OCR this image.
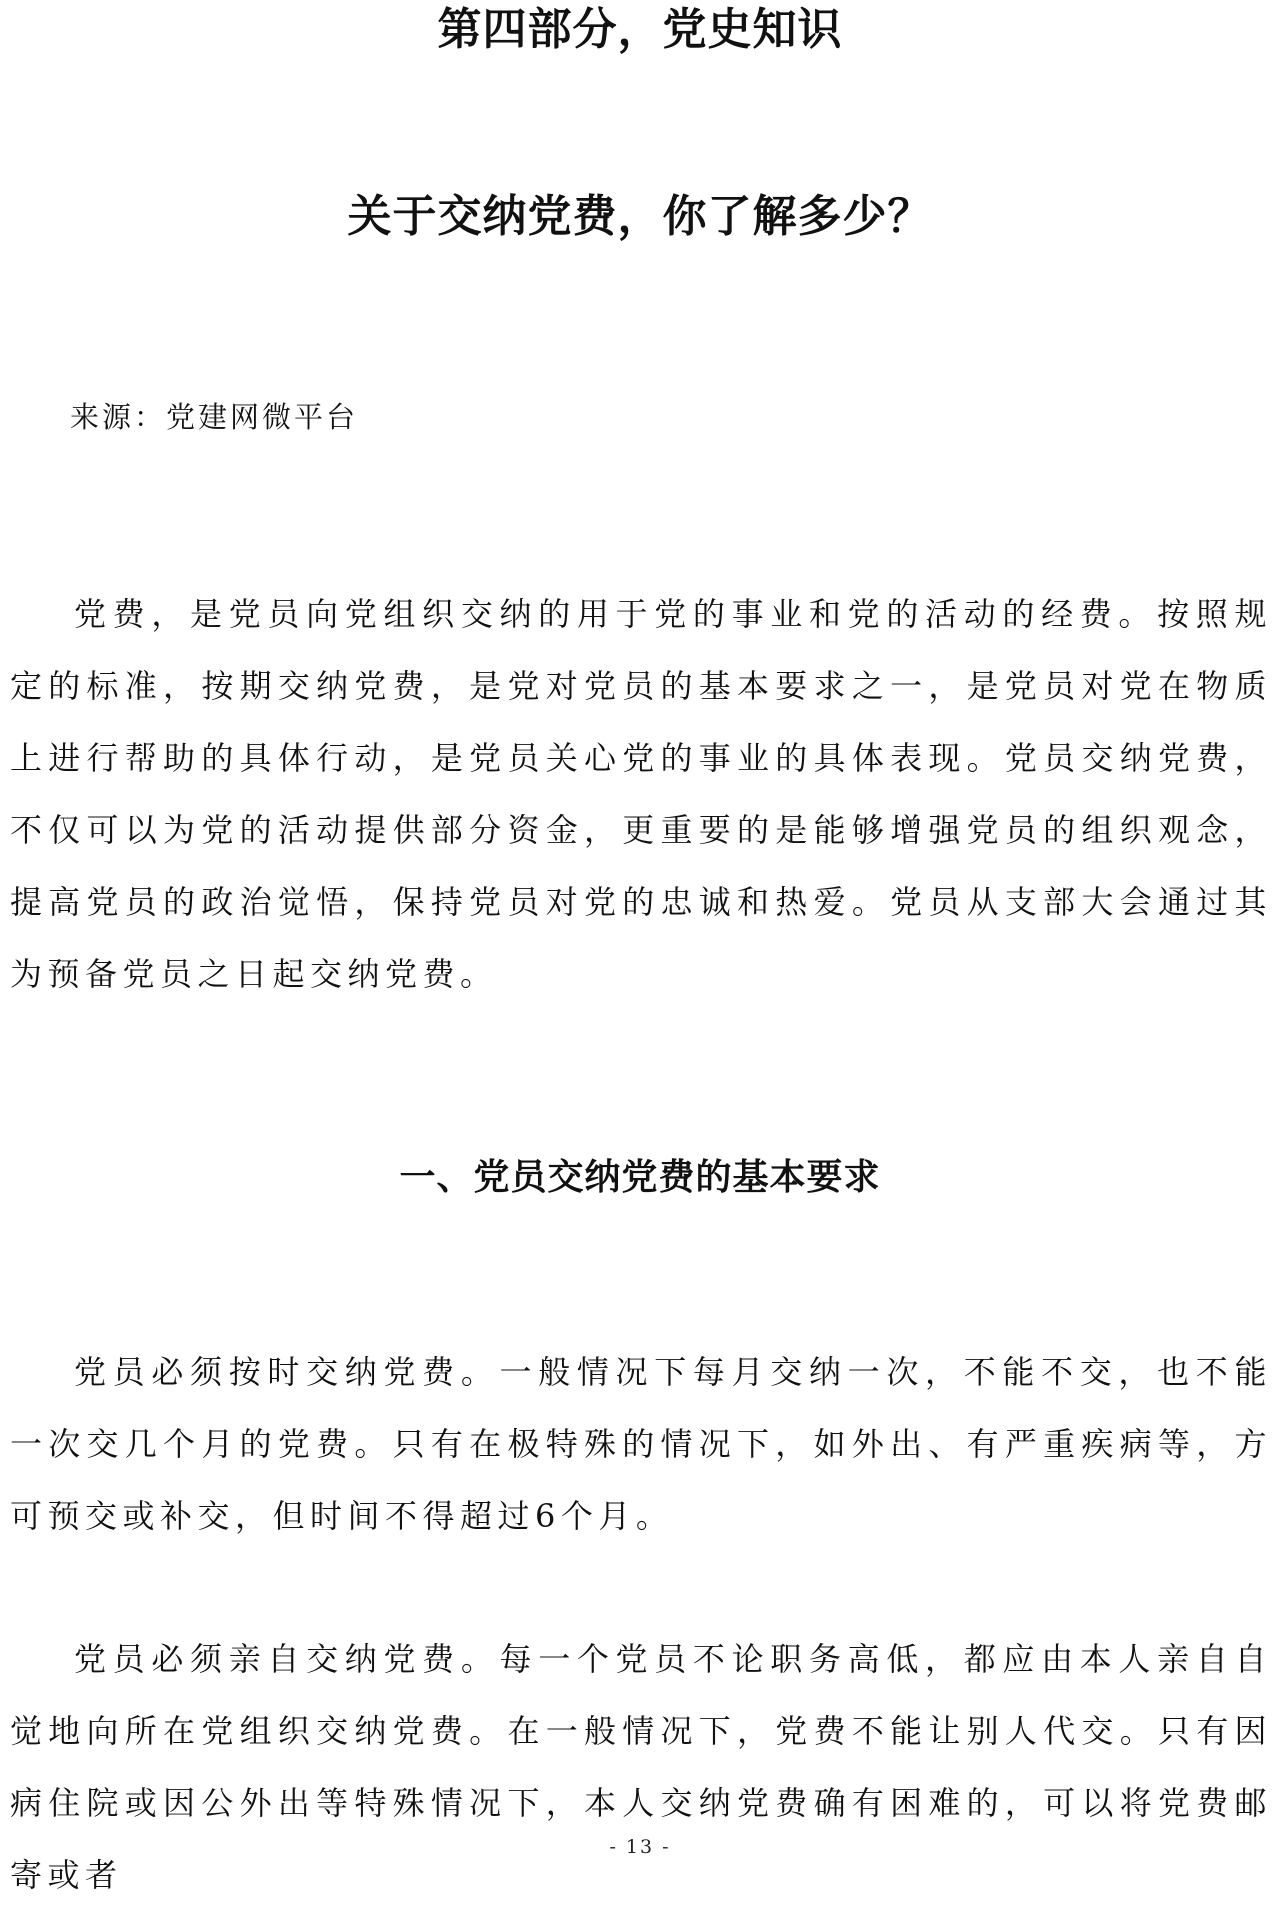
第四部分，党史知识
关于交纳党费，你了解多少？
来源：党建网微平台

党费，是党员向党组织交纳的用于党的事业和党的活动的经费。按照规定的标准，按期交纳党费，是党对党员的基本要求之一，是党员对党在物质上进行帮助的具体行动，是党员关心党的事业的具体表现。党员交纳党费，不仅可以为党的活动提供部分资金，更重要的是能够增强党员的组织观念，提高党员的政治觉悟，保持党员对党的忠诚和热爱。党员从支部大会通过其为预备党员之日起交纳党费。

一、党员交纳党费的基本要求

党员必须按时交纳党费。一般情况下每月交纳一次，不能不交，也不能一次交几个月的党费。只有在极特殊的情况下，如外出、有严重疾病等，方可预交或补交，但时间不得超过6个月。

党员必须亲自交纳党费。每一个党员不论职务高低，都应由本人亲自自觉地向所在党组织交纳党费。在一般情况下，党费不能让别人代交。只有因病住院或因公外出等特殊情况下，本人交纳党费确有困难的，可以将党费邮寄或者

- 13 -
